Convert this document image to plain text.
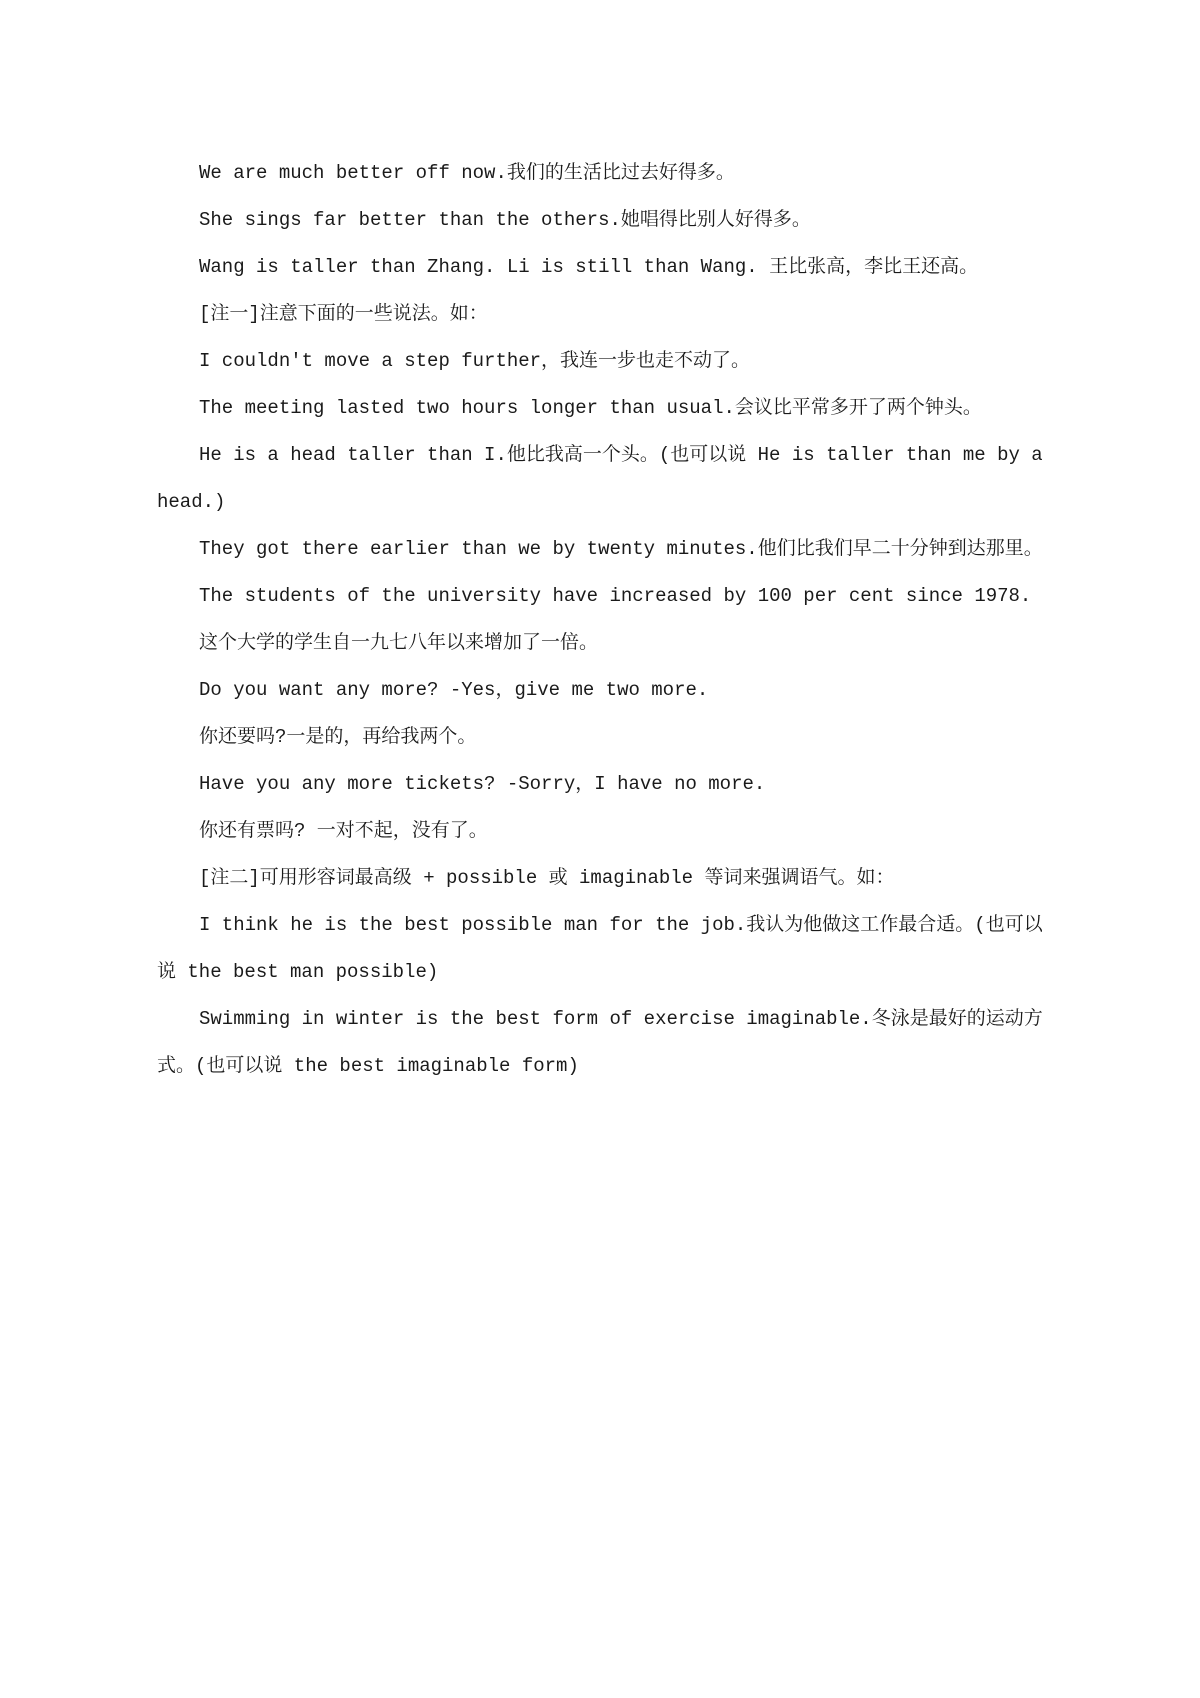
We are much better off now.我们的生活比过去好得多。

She sings far better than the others.她唱得比别人好得多。

Wang is taller than Zhang. Li is still than Wang. 王比张高，李比王还高。

[注一]注意下面的一些说法。如：

I couldn't move a step further，我连一步也走不动了。

The meeting lasted two hours longer than usual.会议比平常多开了两个钟头。

He is a head taller than I.他比我高一个头。(也可以说 He is taller than me by a head.)

They got there earlier than we by twenty minutes.他们比我们早二十分钟到达那里。

The students of the university have increased by 100 per cent since 1978.

这个大学的学生自一九七八年以来增加了一倍。

Do you want any more? -Yes，give me two more.

你还要吗?一是的，再给我两个。

Have you any more tickets? -Sorry，I have no more.

你还有票吗? 一对不起，没有了。

[注二]可用形容词最高级 + possible 或 imaginable 等词来强调语气。如：

I think he is the best possible man for the job.我认为他做这工作最合适。(也可以说 the best man possible)

Swimming in winter is the best form of exercise imaginable.冬泳是最好的运动方式。(也可以说 the best imaginable form)
